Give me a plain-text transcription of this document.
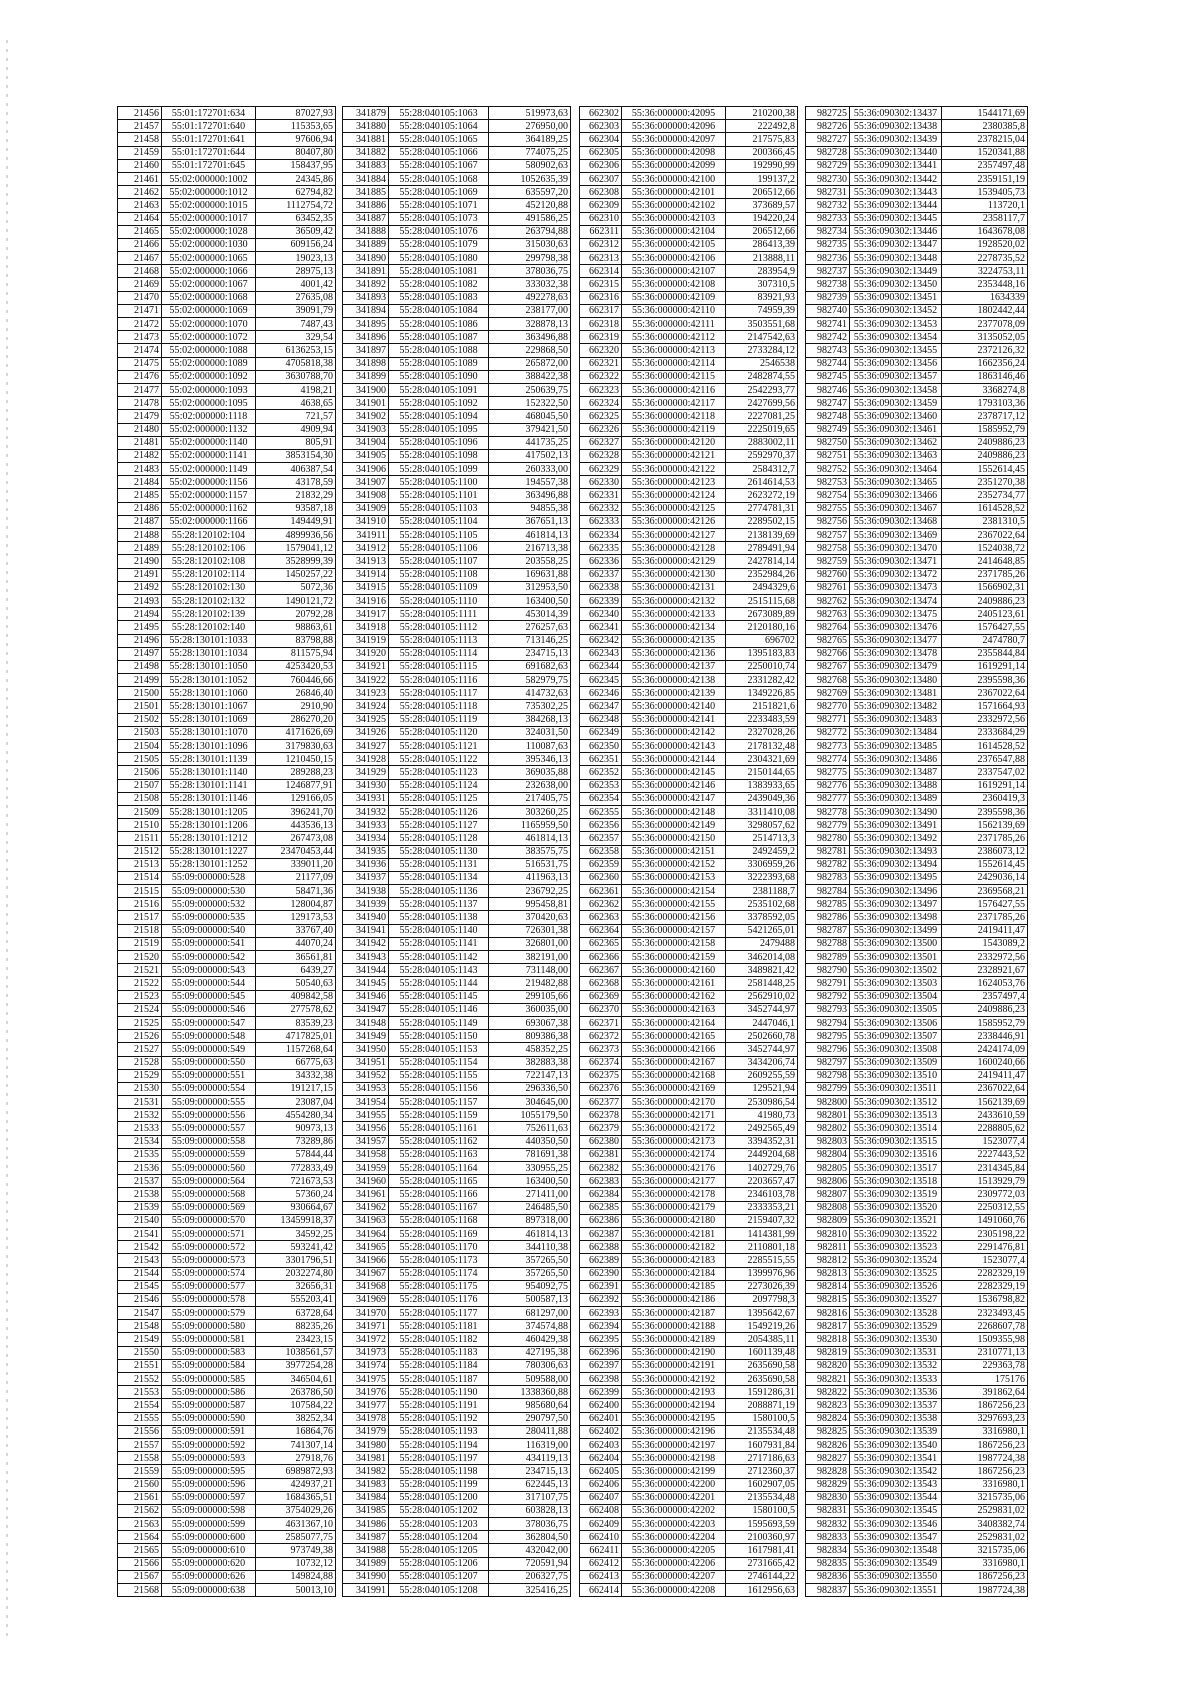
21456	55:01:172701:634	87027,93
21457	55:01:172701:640	115353,65
21458	55:01:172701:641	97606,94
21459	55:01:172701:644	80407,80
21460	55:01:172701:645	158437,95
21461	55:02:000000:1002	24345,86
21462	55:02:000000:1012	62794,82
21463	55:02:000000:1015	1112754,72
21464	55:02:000000:1017	63452,35
21465	55:02:000000:1028	36509,42
21466	55:02:000000:1030	609156,24
21467	55:02:000000:1065	19023,13
21468	55:02:000000:1066	28975,13
21469	55:02:000000:1067	4001,42
21470	55:02:000000:1068	27635,08
21471	55:02:000000:1069	39091,79
21472	55:02:000000:1070	7487,43
21473	55:02:000000:1072	329,54
21474	55:02:000000:1088	6136253,15
21475	55:02:000000:1089	4705818,38
21476	55:02:000000:1092	3630788,70
21477	55:02:000000:1093	4198,21
21478	55:02:000000:1095	4638,65
21479	55:02:000000:1118	721,57
21480	55:02:000000:1132	4909,94
21481	55:02:000000:1140	805,91
21482	55:02:000000:1141	3853154,30
21483	55:02:000000:1149	406387,54
21484	55:02:000000:1156	43178,59
21485	55:02:000000:1157	21832,29
21486	55:02:000000:1162	93587,18
21487	55:02:000000:1166	149449,91
21488	55:28:120102:104	4899936,56
21489	55:28:120102:106	1579041,12
21490	55:28:120102:108	3528999,39
21491	55:28:120102:114	1450257,22
21492	55:28:120102:130	5072,36
21493	55:28:120102:132	1490121,72
21494	55:28:120102:139	20792,28
21495	55:28:120102:140	98863,61
21496	55:28:130101:1033	83798,88
21497	55:28:130101:1034	811575,94
21498	55:28:130101:1050	4253420,53
21499	55:28:130101:1052	760446,66
21500	55:28:130101:1060	26846,40
21501	55:28:130101:1067	2910,90
21502	55:28:130101:1069	286270,20
21503	55:28:130101:1070	4171626,69
21504	55:28:130101:1096	3179830,63
21505	55:28:130101:1139	1210450,15
21506	55:28:130101:1140	289288,23
21507	55:28:130101:1141	1246877,91
21508	55:28:130101:1146	129166,05
21509	55:28:130101:1205	396241,70
21510	55:28:130101:1206	443536,13
21511	55:28:130101:1212	267473,08
21512	55:28:130101:1227	23470453,44
21513	55:28:130101:1252	339011,20
21514	55:09:000000:528	21177,09
21515	55:09:000000:530	58471,36
21516	55:09:000000:532	128004,87
21517	55:09:000000:535	129173,53
21518	55:09:000000:540	33767,40
21519	55:09:000000:541	44070,24
21520	55:09:000000:542	36561,81
21521	55:09:000000:543	6439,27
21522	55:09:000000:544	50540,63
21523	55:09:000000:545	409842,58
21524	55:09:000000:546	277578,62
21525	55:09:000000:547	83539,23
21526	55:09:000000:548	4717825,01
21527	55:09:000000:549	1157268,64
21528	55:09:000000:550	66775,63
21529	55:09:000000:551	34332,38
21530	55:09:000000:554	191217,15
21531	55:09:000000:555	23087,04
21532	55:09:000000:556	4554280,34
21533	55:09:000000:557	90973,13
21534	55:09:000000:558	73289,86
21535	55:09:000000:559	57844,44
21536	55:09:000000:560	772833,49
21537	55:09:000000:564	721673,53
21538	55:09:000000:568	57360,24
21539	55:09:000000:569	930664,67
21540	55:09:000000:570	13459918,37
21541	55:09:000000:571	34592,25
21542	55:09:000000:572	593241,42
21543	55:09:000000:573	3301796,51
21544	55:09:000000:574	2032274,80
21545	55:09:000000:577	32656,31
21546	55:09:000000:578	555203,41
21547	55:09:000000:579	63728,64
21548	55:09:000000:580	88235,26
21549	55:09:000000:581	23423,15
21550	55:09:000000:583	1038561,57
21551	55:09:000000:584	3977254,28
21552	55:09:000000:585	346504,61
21553	55:09:000000:586	263786,50
21554	55:09:000000:587	107584,22
21555	55:09:000000:590	38252,34
21556	55:09:000000:591	16864,76
21557	55:09:000000:592	741307,14
21558	55:09:000000:593	27918,76
21559	55:09:000000:595	6989872,93
21560	55:09:000000:596	424937,21
21561	55:09:000000:597	1684365,51
21562	55:09:000000:598	3754029,26
21563	55:09:000000:599	4631367,10
21564	55:09:000000:600	2585077,75
21565	55:09:000000:610	973749,38
21566	55:09:000000:620	10732,12
21567	55:09:000000:626	149824,88
21568	55:09:000000:638	50013,10
341879	55:28:040105:1063	519973,63
341880	55:28:040105:1064	276950,00
341881	55:28:040105:1065	364189,25
341882	55:28:040105:1066	774075,25
341883	55:28:040105:1067	580902,63
341884	55:28:040105:1068	1052635,39
341885	55:28:040105:1069	635597,20
341886	55:28:040105:1071	452120,88
341887	55:28:040105:1073	491586,25
341888	55:28:040105:1076	263794,88
341889	55:28:040105:1079	315030,63
341890	55:28:040105:1080	299798,38
341891	55:28:040105:1081	378036,75
341892	55:28:040105:1082	333032,38
341893	55:28:040105:1083	492278,63
341894	55:28:040105:1084	238177,00
341895	55:28:040105:1086	328878,13
341896	55:28:040105:1087	363496,88
341897	55:28:040105:1088	229868,50
341898	55:28:040105:1089	265872,00
341899	55:28:040105:1090	388422,38
341900	55:28:040105:1091	250639,75
341901	55:28:040105:1092	152322,50
341902	55:28:040105:1094	468045,50
341903	55:28:040105:1095	379421,50
341904	55:28:040105:1096	441735,25
341905	55:28:040105:1098	417502,13
341906	55:28:040105:1099	260333,00
341907	55:28:040105:1100	194557,38
341908	55:28:040105:1101	363496,88
341909	55:28:040105:1103	94855,38
341910	55:28:040105:1104	367651,13
341911	55:28:040105:1105	461814,13
341912	55:28:040105:1106	216713,38
341913	55:28:040105:1107	203558,25
341914	55:28:040105:1108	169631,88
341915	55:28:040105:1109	312953,50
341916	55:28:040105:1110	163400,50
341917	55:28:040105:1111	453014,39
341918	55:28:040105:1112	276257,63
341919	55:28:040105:1113	713146,25
341920	55:28:040105:1114	234715,13
341921	55:28:040105:1115	691682,63
341922	55:28:040105:1116	582979,75
341923	55:28:040105:1117	414732,63
341924	55:28:040105:1118	735302,25
341925	55:28:040105:1119	384268,13
341926	55:28:040105:1120	324031,50
341927	55:28:040105:1121	110087,63
341928	55:28:040105:1122	395346,13
341929	55:28:040105:1123	369035,88
341930	55:28:040105:1124	232638,00
341931	55:28:040105:1125	217405,75
341932	55:28:040105:1126	303260,25
341933	55:28:040105:1127	1165959,50
341934	55:28:040105:1128	461814,13
341935	55:28:040105:1130	383575,75
341936	55:28:040105:1131	516531,75
341937	55:28:040105:1134	411963,13
341938	55:28:040105:1136	236792,25
341939	55:28:040105:1137	995458,81
341940	55:28:040105:1138	370420,63
341941	55:28:040105:1140	726301,38
341942	55:28:040105:1141	326801,00
341943	55:28:040105:1142	382191,00
341944	55:28:040105:1143	731148,00
341945	55:28:040105:1144	219482,88
341946	55:28:040105:1145	299105,66
341947	55:28:040105:1146	360035,00
341948	55:28:040105:1149	693067,38
341949	55:28:040105:1150	809386,38
341950	55:28:040105:1153	458352,25
341951	55:28:040105:1154	382883,38
341952	55:28:040105:1155	722147,13
341953	55:28:040105:1156	296336,50
341954	55:28:040105:1157	304645,00
341955	55:28:040105:1159	1055179,50
341956	55:28:040105:1161	752611,63
341957	55:28:040105:1162	440350,50
341958	55:28:040105:1163	781691,38
341959	55:28:040105:1164	330955,25
341960	55:28:040105:1165	163400,50
341961	55:28:040105:1166	271411,00
341962	55:28:040105:1167	246485,50
341963	55:28:040105:1168	897318,00
341964	55:28:040105:1169	461814,13
341965	55:28:040105:1170	344110,38
341966	55:28:040105:1173	357265,50
341967	55:28:040105:1174	357265,50
341968	55:28:040105:1175	954092,75
341969	55:28:040105:1176	500587,13
341970	55:28:040105:1177	681297,00
341971	55:28:040105:1181	374574,88
341972	55:28:040105:1182	460429,38
341973	55:28:040105:1183	427195,38
341974	55:28:040105:1184	780306,63
341975	55:28:040105:1187	509588,00
341976	55:28:040105:1190	1338360,88
341977	55:28:040105:1191	985680,64
341978	55:28:040105:1192	290797,50
341979	55:28:040105:1193	280411,88
341980	55:28:040105:1194	116319,00
341981	55:28:040105:1197	434119,13
341982	55:28:040105:1198	234715,13
341983	55:28:040105:1199	622445,13
341984	55:28:040105:1200	317107,75
341985	55:28:040105:1202	603828,13
341986	55:28:040105:1203	378036,75
341987	55:28:040105:1204	362804,50
341988	55:28:040105:1205	432042,00
341989	55:28:040105:1206	720591,94
341990	55:28:040105:1207	206327,75
341991	55:28:040105:1208	325416,25
662302	55:36:000000:42095	210200,38
662303	55:36:000000:42096	222492,8
662304	55:36:000000:42097	217575,83
662305	55:36:000000:42098	200366,45
662306	55:36:000000:42099	192990,99
662307	55:36:000000:42100	199137,2
662308	55:36:000000:42101	206512,66
662309	55:36:000000:42102	373689,57
662310	55:36:000000:42103	194220,24
662311	55:36:000000:42104	206512,66
662312	55:36:000000:42105	286413,39
662313	55:36:000000:42106	213888,11
662314	55:36:000000:42107	283954,9
662315	55:36:000000:42108	307310,5
662316	55:36:000000:42109	83921,93
662317	55:36:000000:42110	74959,39
662318	55:36:000000:42111	3503551,68
662319	55:36:000000:42112	2147542,63
662320	55:36:000000:42113	2733284,12
662321	55:36:000000:42114	2546538
662322	55:36:000000:42115	2482874,55
662323	55:36:000000:42116	2542293,77
662324	55:36:000000:42117	2427699,56
662325	55:36:000000:42118	2227081,25
662326	55:36:000000:42119	2225019,65
662327	55:36:000000:42120	2883002,11
662328	55:36:000000:42121	2592970,37
662329	55:36:000000:42122	2584312,7
662330	55:36:000000:42123	2614614,53
662331	55:36:000000:42124	2623272,19
662332	55:36:000000:42125	2774781,31
662333	55:36:000000:42126	2289502,15
662334	55:36:000000:42127	2138139,69
662335	55:36:000000:42128	2789491,94
662336	55:36:000000:42129	2427814,14
662337	55:36:000000:42130	2352984,26
662338	55:36:000000:42131	2494329,6
662339	55:36:000000:42132	2515115,68
662340	55:36:000000:42133	2673089,89
662341	55:36:000000:42134	2120180,16
662342	55:36:000000:42135	696702
662343	55:36:000000:42136	1395183,83
662344	55:36:000000:42137	2250010,74
662345	55:36:000000:42138	2331282,42
662346	55:36:000000:42139	1349226,85
662347	55:36:000000:42140	2151821,6
662348	55:36:000000:42141	2233483,59
662349	55:36:000000:42142	2327028,26
662350	55:36:000000:42143	2178132,48
662351	55:36:000000:42144	2304321,69
662352	55:36:000000:42145	2150144,65
662353	55:36:000000:42146	1383933,65
662354	55:36:000000:42147	2439049,36
662355	55:36:000000:42148	3311410,08
662356	55:36:000000:42149	3298057,62
662357	55:36:000000:42150	2514713,3
662358	55:36:000000:42151	2492459,2
662359	55:36:000000:42152	3306959,26
662360	55:36:000000:42153	3222393,68
662361	55:36:000000:42154	2381188,7
662362	55:36:000000:42155	2535102,68
662363	55:36:000000:42156	3378592,05
662364	55:36:000000:42157	5421265,01
662365	55:36:000000:42158	2479488
662366	55:36:000000:42159	3462014,08
662367	55:36:000000:42160	3489821,42
662368	55:36:000000:42161	2581448,25
662369	55:36:000000:42162	2562910,02
662370	55:36:000000:42163	3452744,97
662371	55:36:000000:42164	2447046,1
662372	55:36:000000:42165	2502660,78
662373	55:36:000000:42166	3452744,97
662374	55:36:000000:42167	3434206,74
662375	55:36:000000:42168	2609255,59
662376	55:36:000000:42169	129521,94
662377	55:36:000000:42170	2530986,54
662378	55:36:000000:42171	41980,73
662379	55:36:000000:42172	2492565,49
662380	55:36:000000:42173	3394352,31
662381	55:36:000000:42174	2449204,68
662382	55:36:000000:42176	1402729,76
662383	55:36:000000:42177	2203657,47
662384	55:36:000000:42178	2346103,78
662385	55:36:000000:42179	2333353,21
662386	55:36:000000:42180	2159407,32
662387	55:36:000000:42181	1414381,99
662388	55:36:000000:42182	2110801,18
662389	55:36:000000:42183	2285515,55
662390	55:36:000000:42184	1399976,96
662391	55:36:000000:42185	2273026,39
662392	55:36:000000:42186	2097798,3
662393	55:36:000000:42187	1395642,67
662394	55:36:000000:42188	1549219,26
662395	55:36:000000:42189	2054385,11
662396	55:36:000000:42190	1601139,48
662397	55:36:000000:42191	2635690,58
662398	55:36:000000:42192	2635690,58
662399	55:36:000000:42193	1591286,31
662400	55:36:000000:42194	2088871,19
662401	55:36:000000:42195	1580100,5
662402	55:36:000000:42196	2135534,48
662403	55:36:000000:42197	1607931,84
662404	55:36:000000:42198	2717186,63
662405	55:36:000000:42199	2712360,37
662406	55:36:000000:42200	1602907,05
662407	55:36:000000:42201	2135534,48
662408	55:36:000000:42202	1580100,5
662409	55:36:000000:42203	1595693,59
662410	55:36:000000:42204	2100360,97
662411	55:36:000000:42205	1617981,41
662412	55:36:000000:42206	2731665,42
662413	55:36:000000:42207	2746144,22
662414	55:36:000000:42208	1612956,63
982725	55:36:090302:13437	1544171,69
982726	55:36:090302:13438	2380385,8
982727	55:36:090302:13439	2378215,04
982728	55:36:090302:13440	1520341,88
982729	55:36:090302:13441	2357497,48
982730	55:36:090302:13442	2359151,19
982731	55:36:090302:13443	1539405,73
982732	55:36:090302:13444	113720,1
982733	55:36:090302:13445	2358117,7
982734	55:36:090302:13446	1643678,08
982735	55:36:090302:13447	1928520,02
982736	55:36:090302:13448	2278735,52
982737	55:36:090302:13449	3224753,11
982738	55:36:090302:13450	2353448,16
982739	55:36:090302:13451	1634339
982740	55:36:090302:13452	1802442,44
982741	55:36:090302:13453	2377078,09
982742	55:36:090302:13454	3135052,05
982743	55:36:090302:13455	2372126,32
982744	55:36:090302:13456	1662356,24
982745	55:36:090302:13457	1863146,46
982746	55:36:090302:13458	3368274,8
982747	55:36:090302:13459	1793103,36
982748	55:36:090302:13460	2378717,12
982749	55:36:090302:13461	1585952,79
982750	55:36:090302:13462	2409886,23
982751	55:36:090302:13463	2409886,23
982752	55:36:090302:13464	1552614,45
982753	55:36:090302:13465	2351270,38
982754	55:36:090302:13466	2352734,77
982755	55:36:090302:13467	1614528,52
982756	55:36:090302:13468	2381310,5
982757	55:36:090302:13469	2367022,64
982758	55:36:090302:13470	1524038,72
982759	55:36:090302:13471	2414648,85
982760	55:36:090302:13472	2371785,26
982761	55:36:090302:13473	1566902,31
982762	55:36:090302:13474	2409886,23
982763	55:36:090302:13475	2405123,61
982764	55:36:090302:13476	1576427,55
982765	55:36:090302:13477	2474780,7
982766	55:36:090302:13478	2355844,84
982767	55:36:090302:13479	1619291,14
982768	55:36:090302:13480	2395598,36
982769	55:36:090302:13481	2367022,64
982770	55:36:090302:13482	1571664,93
982771	55:36:090302:13483	2332972,56
982772	55:36:090302:13484	2333684,29
982773	55:36:090302:13485	1614528,52
982774	55:36:090302:13486	2376547,88
982775	55:36:090302:13487	2337547,02
982776	55:36:090302:13488	1619291,14
982777	55:36:090302:13489	2360419,3
982778	55:36:090302:13490	2395598,36
982779	55:36:090302:13491	1562139,69
982780	55:36:090302:13492	2371785,26
982781	55:36:090302:13493	2386073,12
982782	55:36:090302:13494	1552614,45
982783	55:36:090302:13495	2429036,14
982784	55:36:090302:13496	2369568,21
982785	55:36:090302:13497	1576427,55
982786	55:36:090302:13498	2371785,26
982787	55:36:090302:13499	2419411,47
982788	55:36:090302:13500	1543089,2
982789	55:36:090302:13501	2332972,56
982790	55:36:090302:13502	2328921,67
982791	55:36:090302:13503	1624053,76
982792	55:36:090302:13504	2357497,4
982793	55:36:090302:13505	2409886,23
982794	55:36:090302:13506	1585952,79
982795	55:36:090302:13507	2338446,91
982796	55:36:090302:13508	2424174,09
982797	55:36:090302:13509	1600240,66
982798	55:36:090302:13510	2419411,47
982799	55:36:090302:13511	2367022,64
982800	55:36:090302:13512	1562139,69
982801	55:36:090302:13513	2433610,59
982802	55:36:090302:13514	2288805,62
982803	55:36:090302:13515	1523077,4
982804	55:36:090302:13516	2227443,52
982805	55:36:090302:13517	2314345,84
982806	55:36:090302:13518	1513929,79
982807	55:36:090302:13519	2309772,03
982808	55:36:090302:13520	2250312,55
982809	55:36:090302:13521	1491060,76
982810	55:36:090302:13522	2305198,22
982811	55:36:090302:13523	2291476,81
982812	55:36:090302:13524	1523077,4
982813	55:36:090302:13525	2282329,19
982814	55:36:090302:13526	2282329,19
982815	55:36:090302:13527	1536798,82
982816	55:36:090302:13528	2323493,45
982817	55:36:090302:13529	2268607,78
982818	55:36:090302:13530	1509355,98
982819	55:36:090302:13531	2310771,13
982820	55:36:090302:13532	229363,78
982821	55:36:090302:13533	175176
982822	55:36:090302:13536	391862,64
982823	55:36:090302:13537	1867256,23
982824	55:36:090302:13538	3297693,23
982825	55:36:090302:13539	3316980,1
982826	55:36:090302:13540	1867256,23
982827	55:36:090302:13541	1987724,38
982828	55:36:090302:13542	1867256,23
982829	55:36:090302:13543	3316980,1
982830	55:36:090302:13544	3215735,06
982831	55:36:090302:13545	2529831,02
982832	55:36:090302:13546	3408382,74
982833	55:36:090302:13547	2529831,02
982834	55:36:090302:13548	3215735,06
982835	55:36:090302:13549	3316980,1
982836	55:36:090302:13550	1867256,23
982837	55:36:090302:13551	1987724,38
